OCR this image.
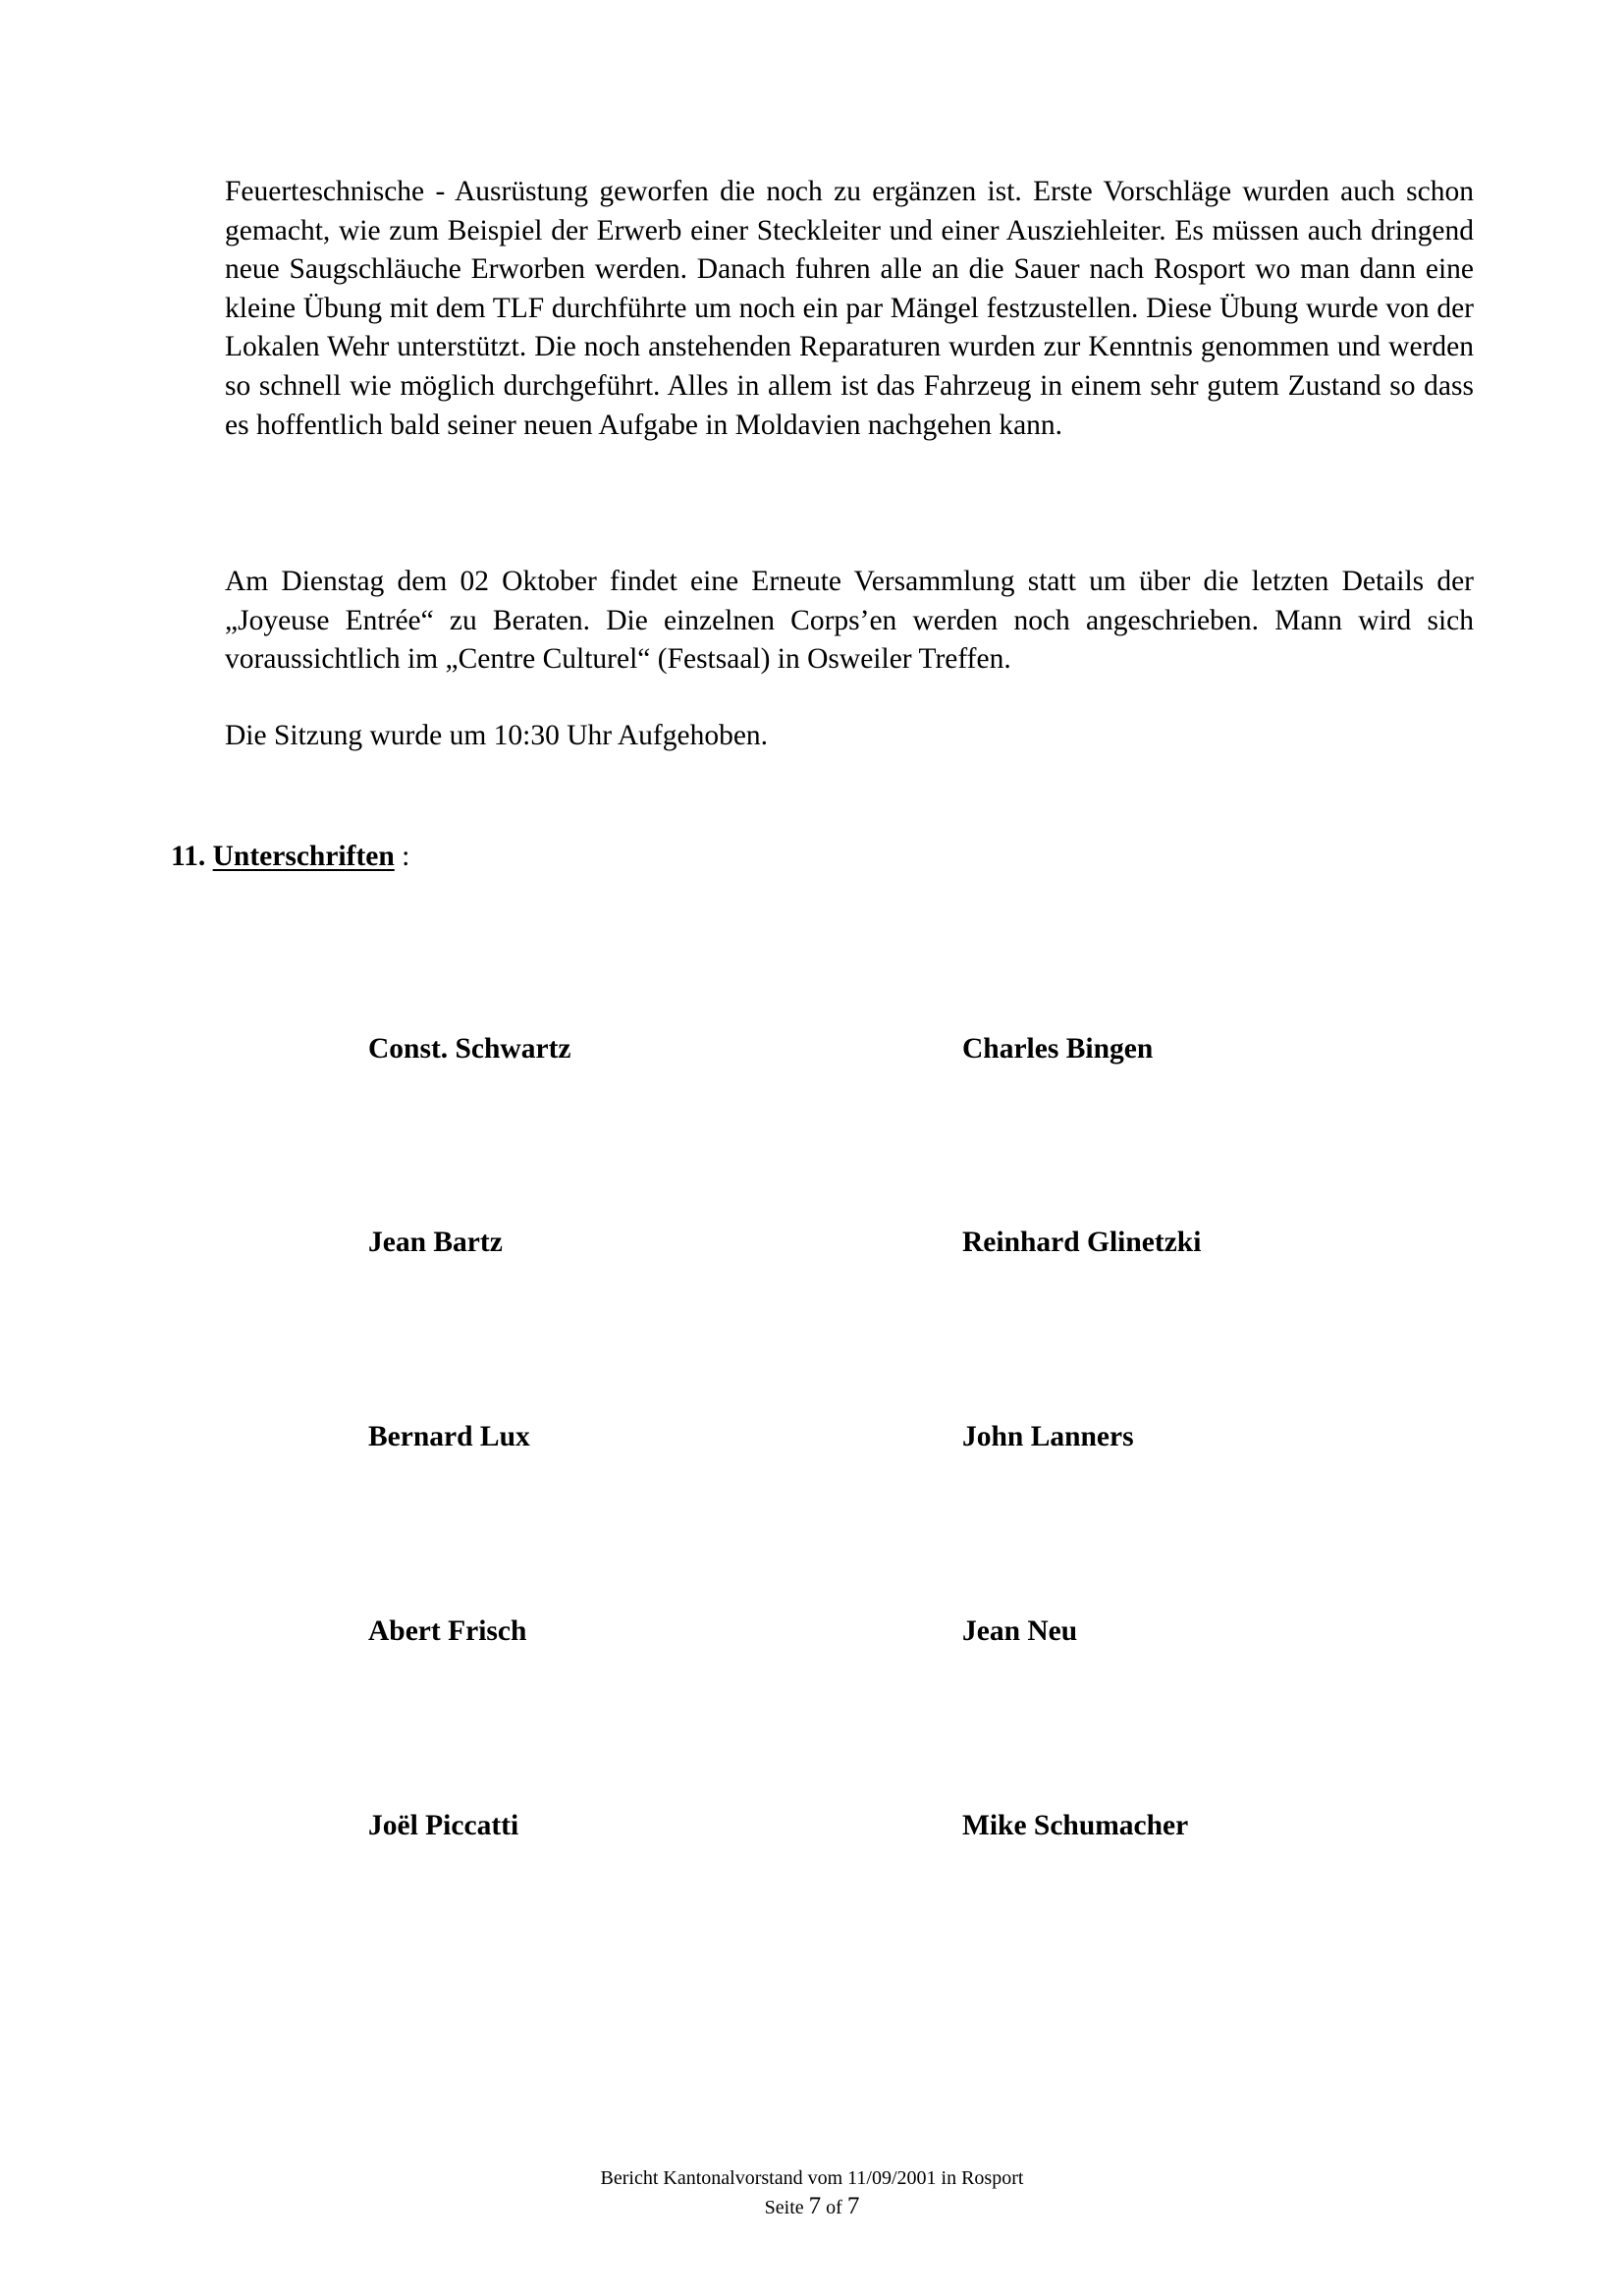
Feuerteschnische - Ausrüstung geworfen die noch zu ergänzen ist. Erste Vorschläge wurden auch schon gemacht, wie zum Beispiel der Erwerb einer Steckleiter und einer Ausziehleiter. Es müssen auch dringend neue Saugschläuche Erworben werden. Danach fuhren alle an die Sauer nach Rosport wo man dann eine kleine Übung mit dem TLF durchführte um noch ein par Mängel festzustellen. Diese Übung wurde von der Lokalen Wehr unterstützt. Die noch anstehenden Reparaturen wurden zur Kenntnis genommen und werden so schnell wie möglich durchgeführt. Alles in allem ist das Fahrzeug in einem sehr gutem Zustand so dass es hoffentlich bald seiner neuen Aufgabe in Moldavien nachgehen kann.

Am Dienstag dem 02 Oktober findet eine Erneute Versammlung statt um über die letzten Details der „Joyeuse Entrée“ zu Beraten. Die einzelnen Corps’en werden noch angeschrieben. Mann wird sich voraussichtlich im „Centre Culturel“ (Festsaal) in Osweiler Treffen.

Die Sitzung wurde um 10:30 Uhr Aufgehoben.

11. Unterschriften :
Const. Schwartz	Charles Bingen
Jean Bartz	Reinhard Glinetzki
Bernard Lux	John Lanners
Abert Frisch	Jean Neu
Joël Piccatti	Mike Schumacher
Bericht Kantonalvorstand vom 11/09/2001 in Rosport
Seite 7 of 7
